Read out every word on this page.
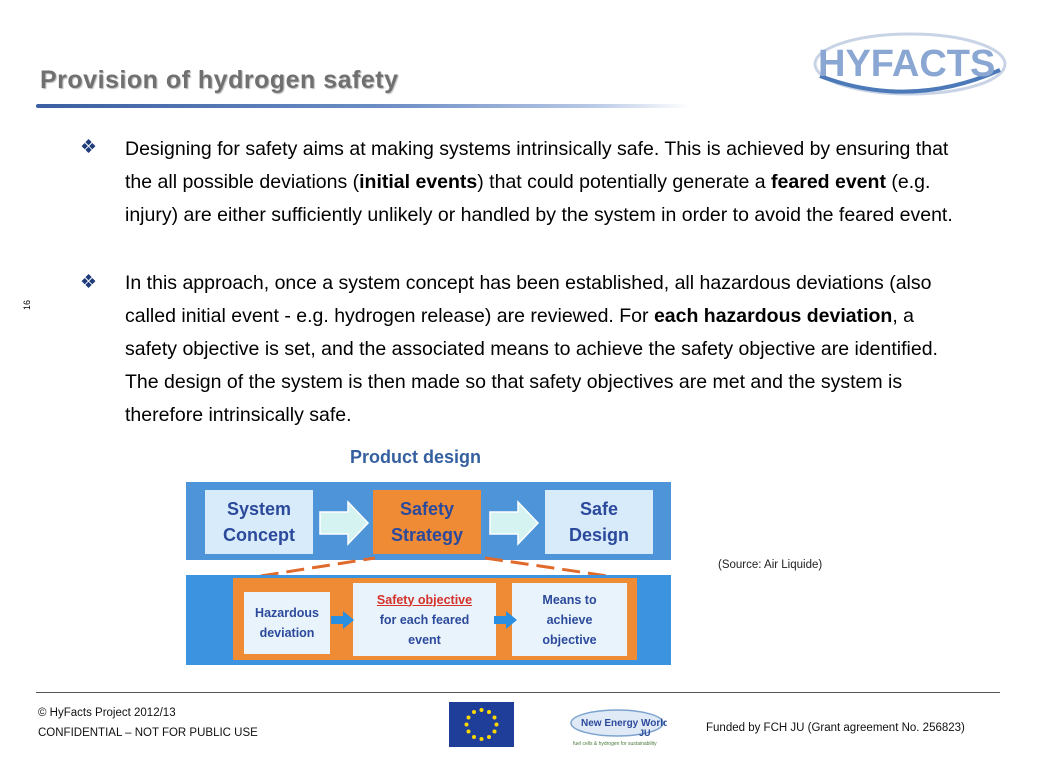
Provision of hydrogen safety	HYFACTS
16
❖ Designing for safety aims at making systems intrinsically safe. This is achieved by ensuring that the all possible deviations (initial events) that could potentially generate a feared event (e.g. injury) are either sufficiently unlikely or handled by the system in order to avoid the feared event.
❖ In this approach, once a system concept has been established, all hazardous deviations (also called initial event - e.g. hydrogen release) are reviewed. For each hazardous deviation, a safety objective is set, and the associated means to achieve the safety objective are identified. The design of the system is then made so that safety objectives are met and the system is therefore intrinsically safe.
Product design
System
Concept
Safety
Strategy
Safe
Design
Hazardous
deviation
Safety objective
for each feared
event
Means to
achieve
objective
(Source: Air Liquide)
© HyFacts Project 2012/13
CONFIDENTIAL – NOT FOR PUBLIC USE
New Energy World
JU
fuel cells & hydrogen for sustainability
Funded by FCH JU (Grant agreement No. 256823)
